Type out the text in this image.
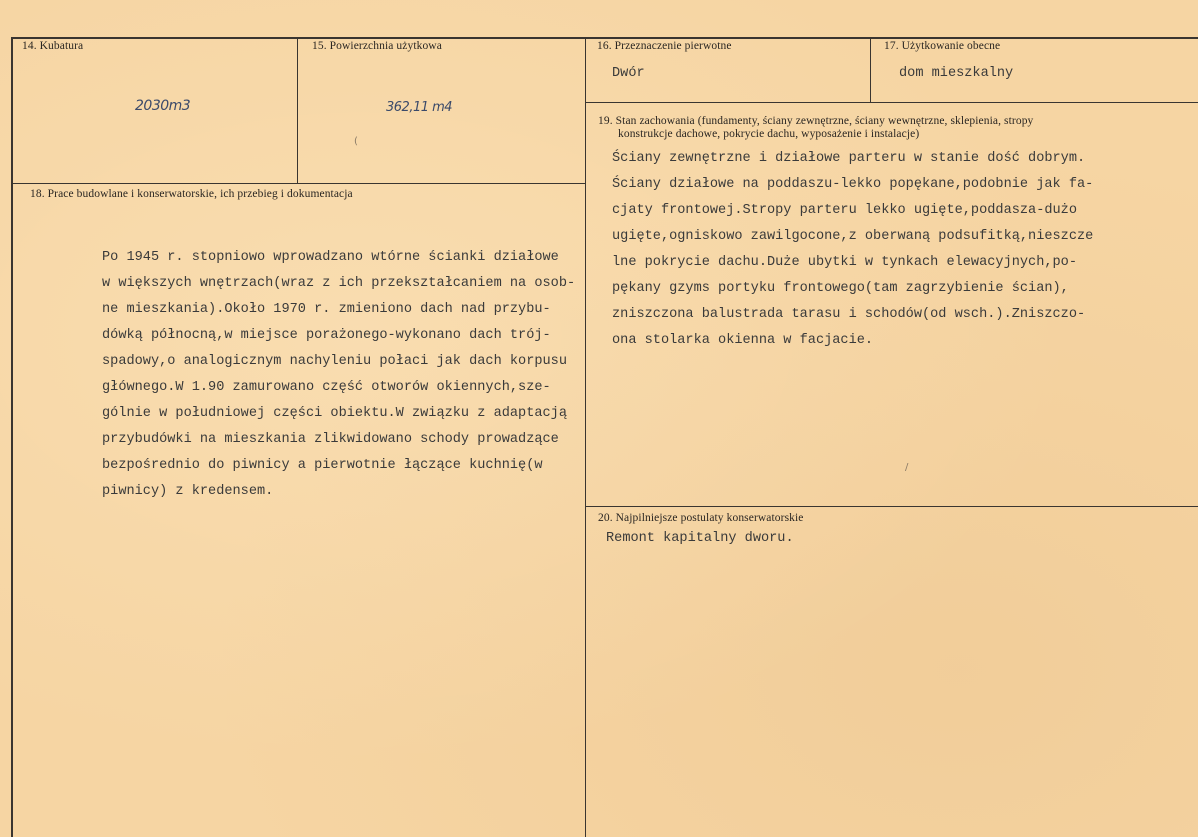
14. Kubatura
2030m3
15. Powierzchnia użytkowa
362,11 m4
(
16. Przeznaczenie pierwotne
Dwór
17. Użytkowanie obecne
dom mieszkalny
18. Prace budowlane i konserwatorskie, ich przebieg i dokumentacja
Po 1945 r. stopniowo wprowadzano wtórne ścianki działowe
w większych wnętrzach(wraz z ich przekształcaniem na osob-
ne mieszkania).Około 1970 r. zmieniono dach nad przybu-
dówką północną,w miejsce porażonego-wykonano dach trój-
spadowy,o analogicznym nachyleniu połaci jak dach korpusu
głównego.W 1.90 zamurowano część otworów okiennych,sze-
gólnie w południowej części obiektu.W związku z adaptacją
przybudówki na mieszkania zlikwidowano schody prowadzące
bezpośrednio do piwnicy a pierwotnie łączące kuchnię(w
piwnicy) z kredensem.
19. Stan zachowania (fundamenty, ściany zewnętrzne, ściany wewnętrzne, sklepienia, stropy
konstrukcje dachowe, pokrycie dachu, wyposażenie i instalacje)
Ściany zewnętrzne i działowe parteru w stanie dość dobrym.
Ściany działowe na poddaszu-lekko popękane,podobnie jak fa-
cjaty frontowej.Stropy parteru lekko ugięte,poddasza-dużo
ugięte,ogniskowo zawilgocone,z oberwaną podsufitką,nieszcze
lne pokrycie dachu.Duże ubytki w tynkach elewacyjnych,po-
pękany gzyms portyku frontowego(tam zagrzybienie ścian),
zniszczona balustrada tarasu i schodów(od wsch.).Zniszczo-
ona stolarka okienna w facjacie.
/
20. Najpilniejsze postulaty konserwatorskie
Remont kapitalny dworu.
